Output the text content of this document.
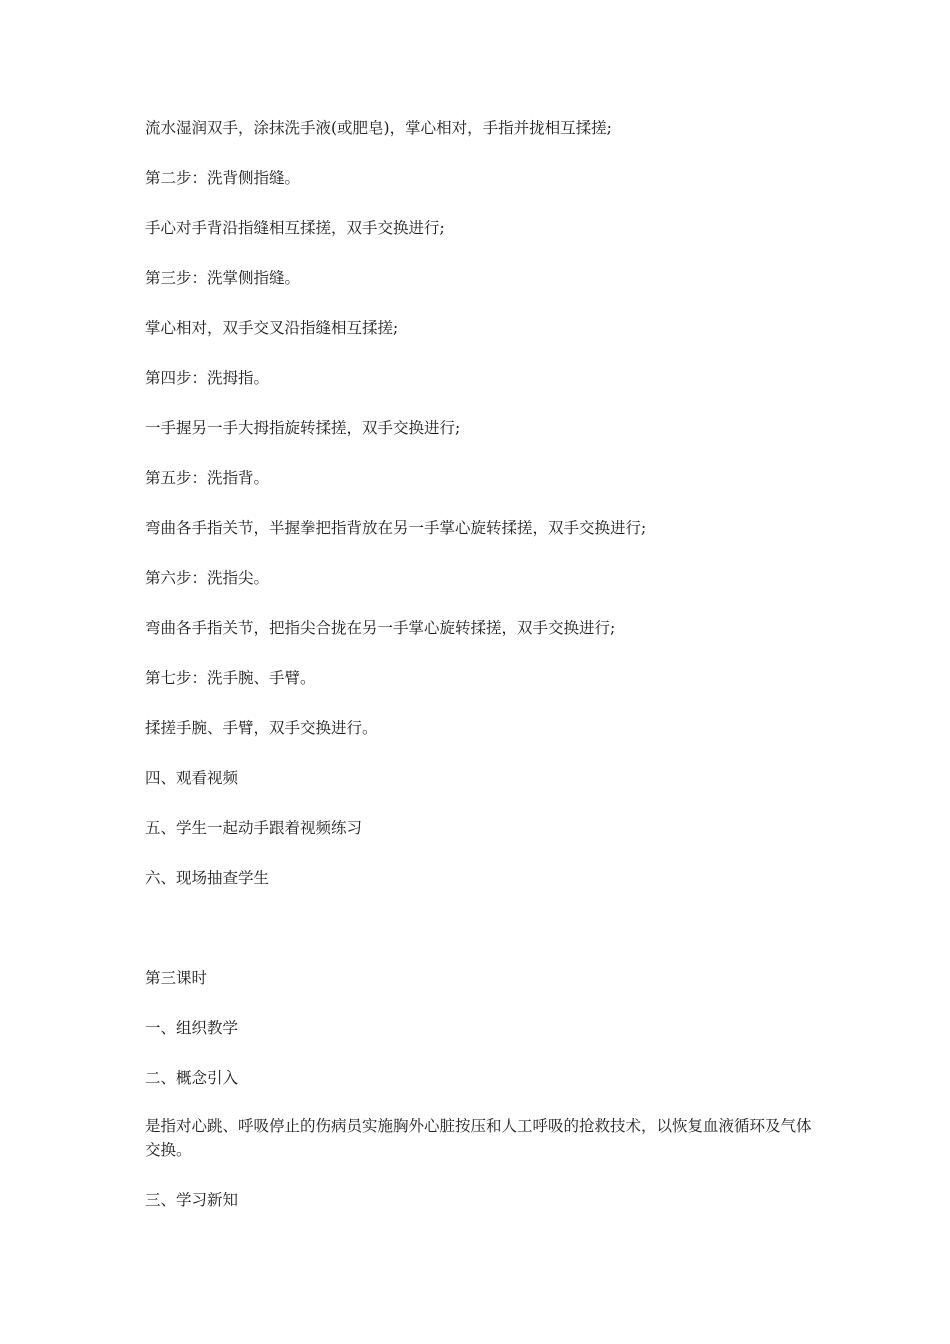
流水湿润双手，涂抹洗手液(或肥皂)，掌心相对，手指并拢相互揉搓;

第二步：洗背侧指缝。

手心对手背沿指缝相互揉搓，双手交换进行;

第三步：洗掌侧指缝。

掌心相对，双手交叉沿指缝相互揉搓;

第四步：洗拇指。

一手握另一手大拇指旋转揉搓，双手交换进行;

第五步：洗指背。

弯曲各手指关节，半握拳把指背放在另一手掌心旋转揉搓，双手交换进行;

第六步：洗指尖。

弯曲各手指关节，把指尖合拢在另一手掌心旋转揉搓，双手交换进行;

第七步：洗手腕、手臂。

揉搓手腕、手臂，双手交换进行。

四、观看视频

五、学生一起动手跟着视频练习

六、现场抽查学生

第三课时

一、组织教学

二、概念引入

是指对心跳、呼吸停止的伤病员实施胸外心脏按压和人工呼吸的抢救技术，以恢复血液循环及气体交换。

三、学习新知
